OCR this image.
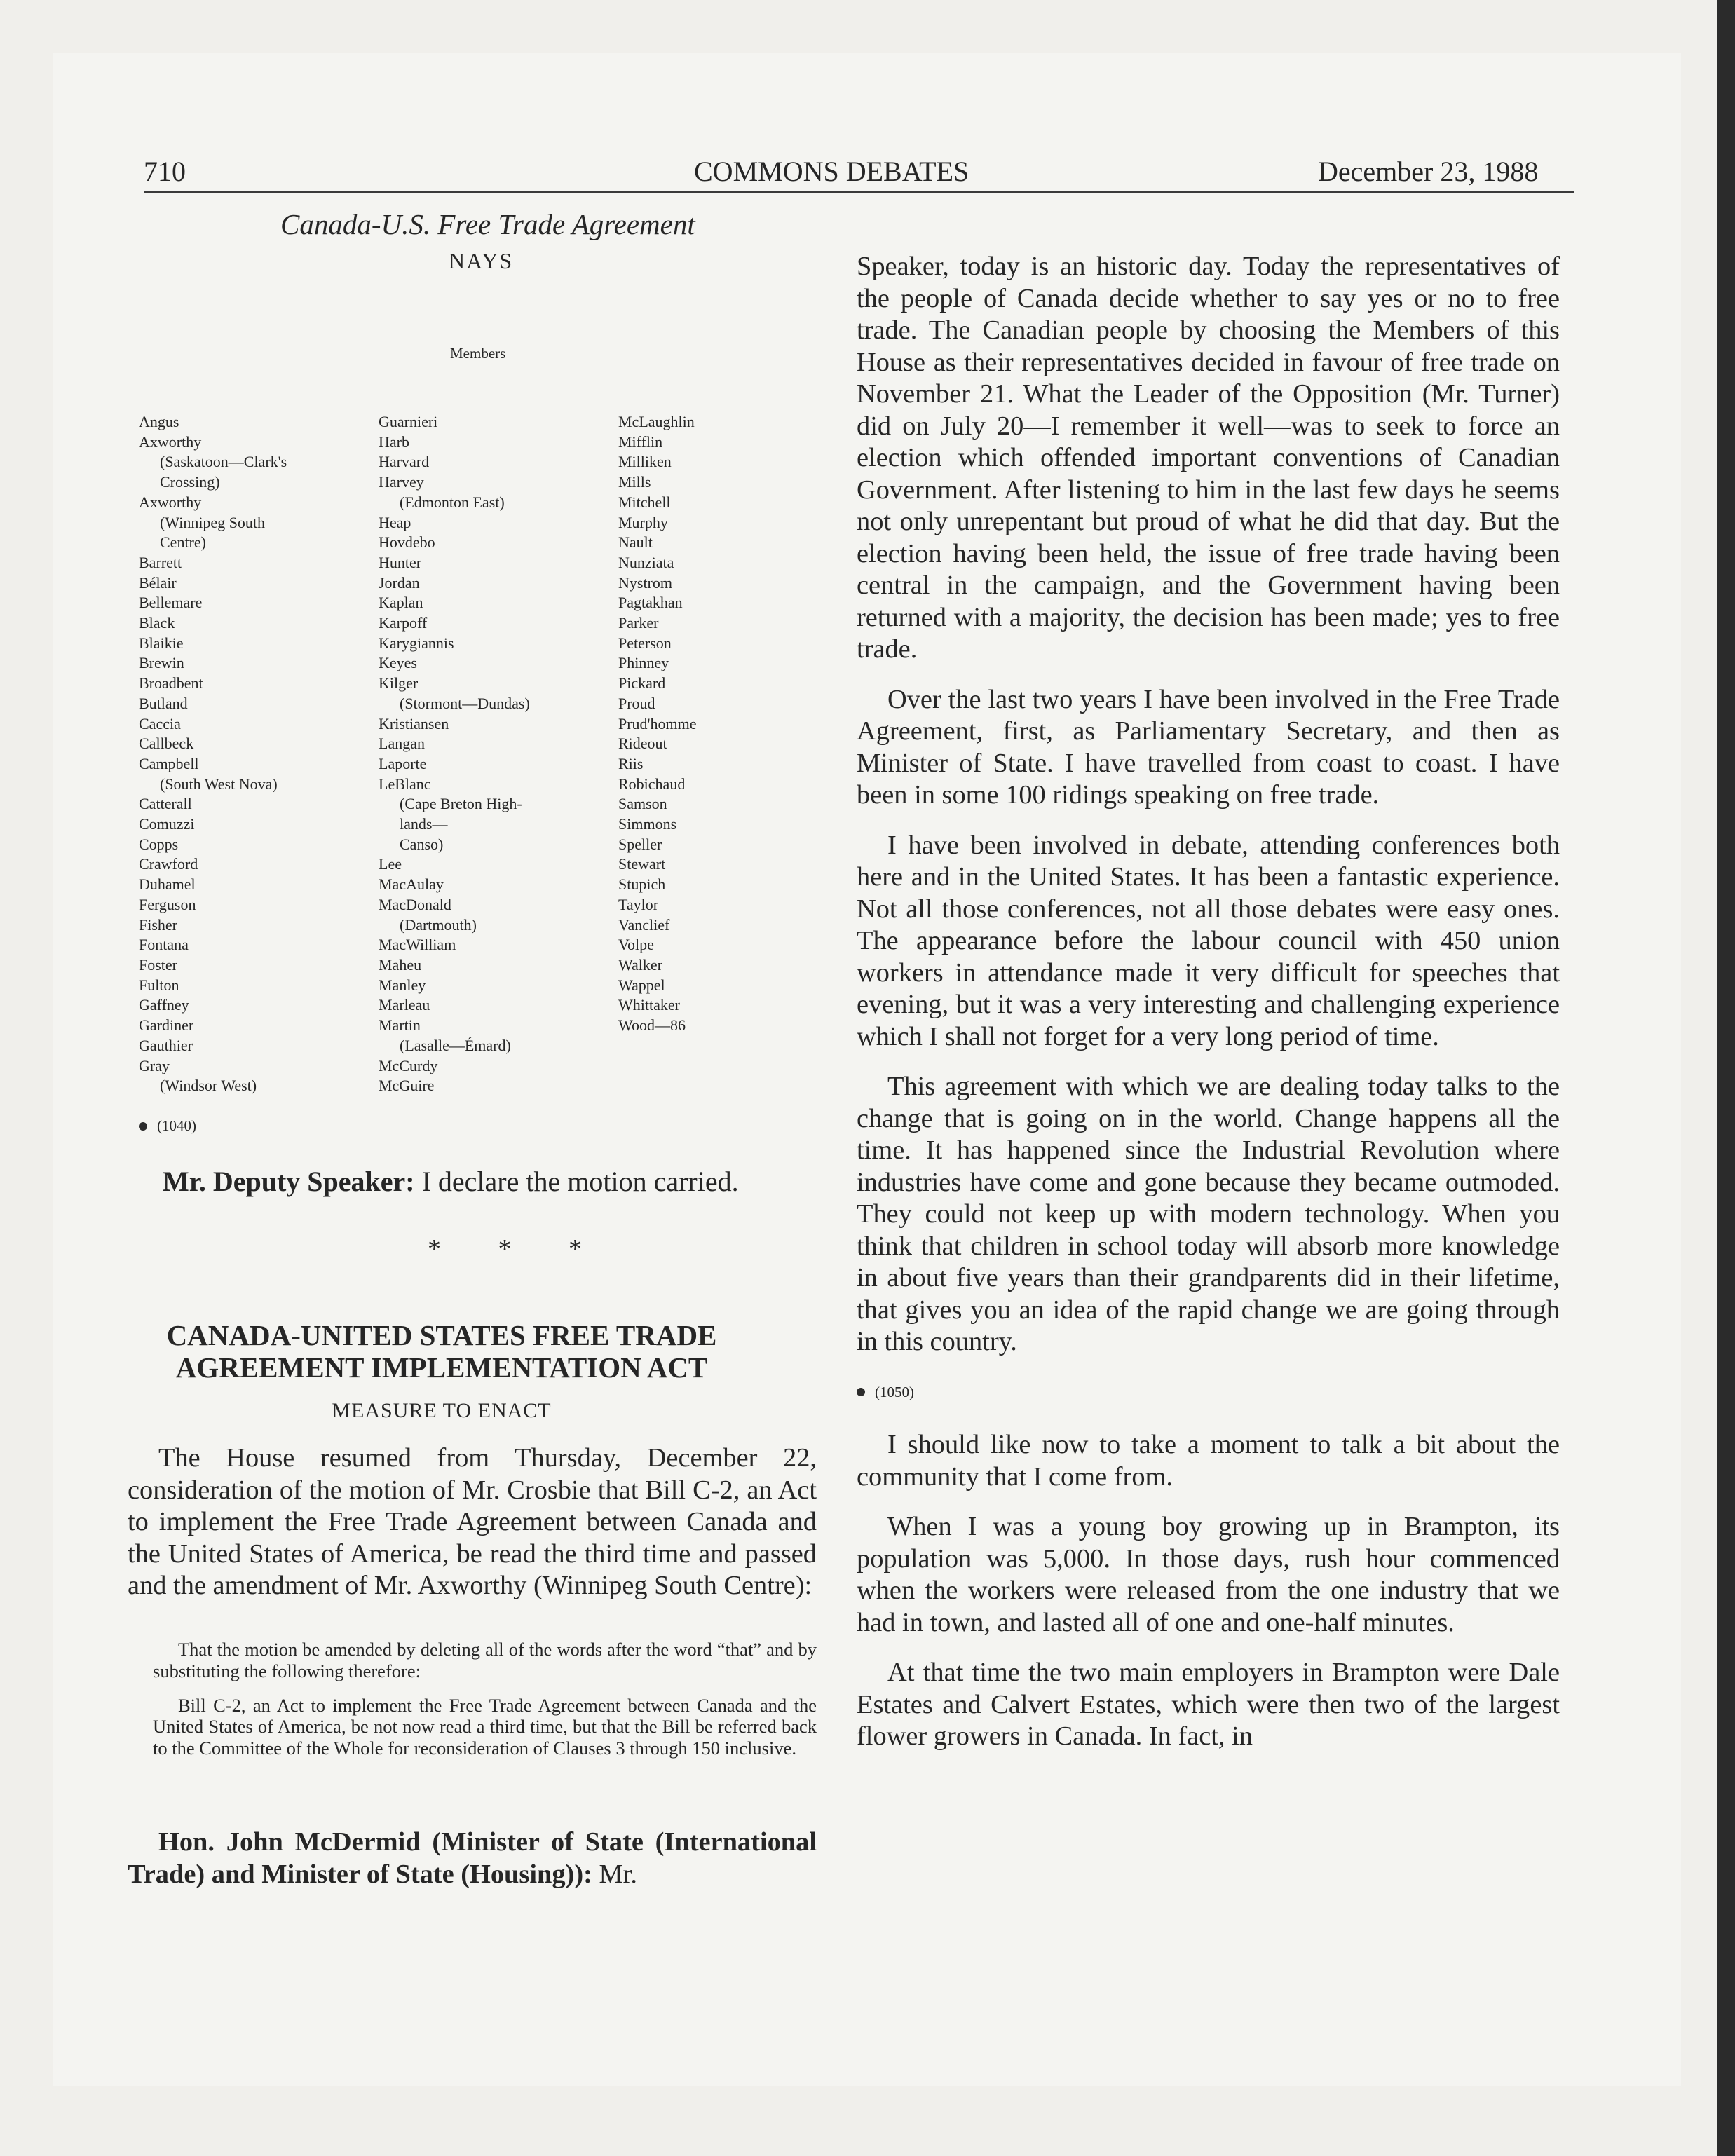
710	COMMONS DEBATES	December 23, 1988
Canada-U.S. Free Trade Agreement
NAYS
Members
Angus
Axworthy
(Saskatoon—Clark's
Crossing)
Axworthy
(Winnipeg South
Centre)
Barrett
Bélair
Bellemare
Black
Blaikie
Brewin
Broadbent
Butland
Caccia
Callbeck
Campbell
(South West Nova)
Catterall
Comuzzi
Copps
Crawford
Duhamel
Ferguson
Fisher
Fontana
Foster
Fulton
Gaffney
Gardiner
Gauthier
Gray
(Windsor West)
Guarnieri
Harb
Harvard
Harvey
(Edmonton East)
Heap
Hovdebo
Hunter
Jordan
Kaplan
Karpoff
Karygiannis
Keyes
Kilger
(Stormont—Dundas)
Kristiansen
Langan
Laporte
LeBlanc
(Cape Breton High-
lands—
Canso)
Lee
MacAulay
MacDonald
(Dartmouth)
MacWilliam
Maheu
Manley
Marleau
Martin
(Lasalle—Émard)
McCurdy
McGuire
McLaughlin
Mifflin
Milliken
Mills
Mitchell
Murphy
Nault
Nunziata
Nystrom
Pagtakhan
Parker
Peterson
Phinney
Pickard
Proud
Prud'homme
Rideout
Riis
Robichaud
Samson
Simmons
Speller
Stewart
Stupich
Taylor
Vanclief
Volpe
Walker
Wappel
Whittaker
Wood—86
(1040)
Mr. Deputy Speaker: I declare the motion carried.
* * *
CANADA-UNITED STATES FREE TRADE
AGREEMENT IMPLEMENTATION ACT
MEASURE TO ENACT

The House resumed from Thursday, December 22, consideration of the motion of Mr. Crosbie that Bill C-2, an Act to implement the Free Trade Agreement between Canada and the United States of America, be read the third time and passed and the amendment of Mr. Axworthy (Winnipeg South Centre):

That the motion be amended by deleting all of the words after the word “that” and by substituting the following therefore:

Bill C-2, an Act to implement the Free Trade Agreement between Canada and the United States of America, be not now read a third time, but that the Bill be referred back to the Committee of the Whole for reconsideration of Clauses 3 through 150 inclusive.

Hon. John McDermid (Minister of State (International Trade) and Minister of State (Housing)): Mr.

Speaker, today is an historic day. Today the representatives of the people of Canada decide whether to say yes or no to free trade. The Canadian people by choosing the Members of this House as their representatives decided in favour of free trade on November 21. What the Leader of the Opposition (Mr. Turner) did on July 20—I remember it well—was to seek to force an election which offended important conventions of Canadian Government. After listening to him in the last few days he seems not only unrepentant but proud of what he did that day. But the election having been held, the issue of free trade having been central in the campaign, and the Government having been returned with a majority, the decision has been made; yes to free trade.

Over the last two years I have been involved in the Free Trade Agreement, first, as Parliamentary Secretary, and then as Minister of State. I have travelled from coast to coast. I have been in some 100 ridings speaking on free trade.

I have been involved in debate, attending conferences both here and in the United States. It has been a fantastic experience. Not all those conferences, not all those debates were easy ones. The appearance before the labour council with 450 union workers in attendance made it very difficult for speeches that evening, but it was a very interesting and challenging experience which I shall not forget for a very long period of time.

This agreement with which we are dealing today talks to the change that is going on in the world. Change happens all the time. It has happened since the Industrial Revolution where industries have come and gone because they became outmoded. They could not keep up with modern technology. When you think that children in school today will absorb more knowledge in about five years than their grandparents did in their lifetime, that gives you an idea of the rapid change we are going through in this country.

(1050)

I should like now to take a moment to talk a bit about the community that I come from.

When I was a young boy growing up in Brampton, its population was 5,000. In those days, rush hour commenced when the workers were released from the one industry that we had in town, and lasted all of one and one-half minutes.

At that time the two main employers in Brampton were Dale Estates and Calvert Estates, which were then two of the largest flower growers in Canada. In fact, in
